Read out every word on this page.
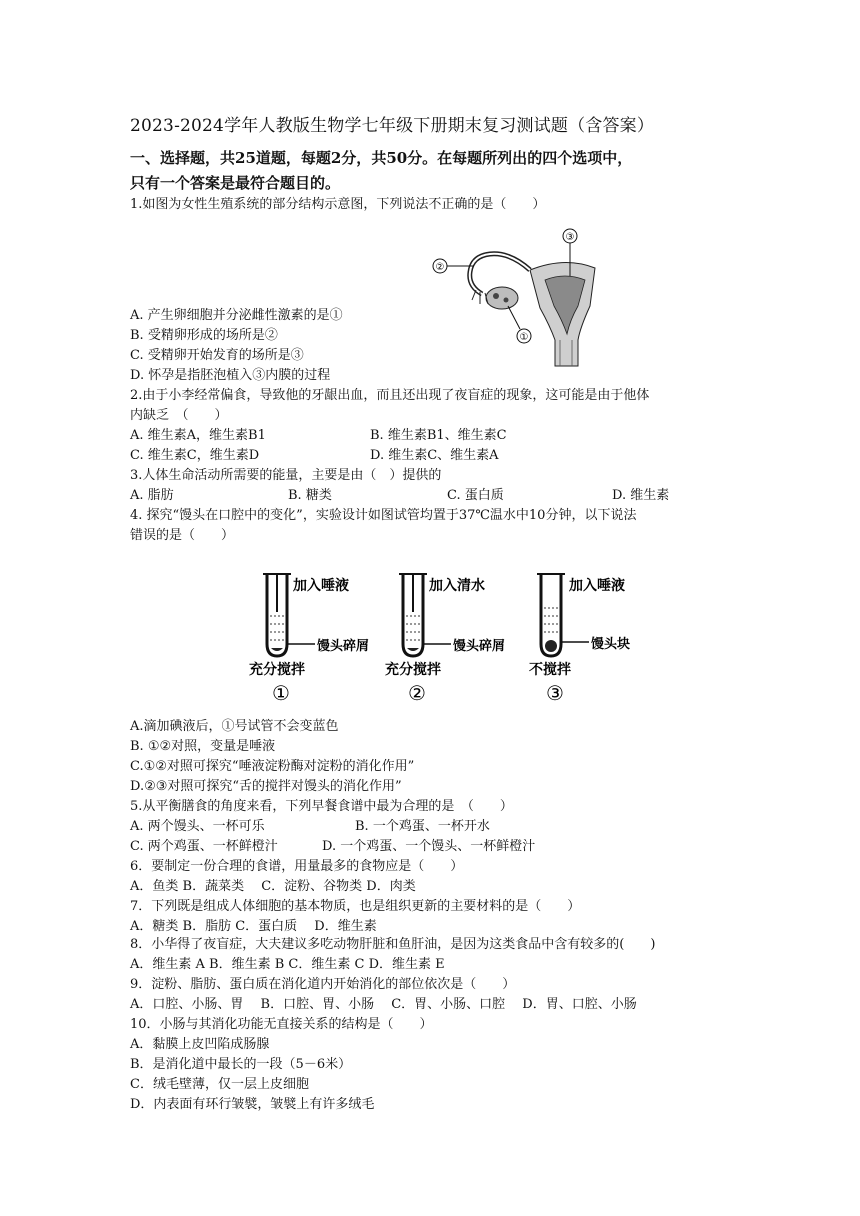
2023-2024学年人教版生物学七年级下册期末复习测试题（含答案）
一、选择题，共25道题，每题2分，共50分。在每题所列出的四个选项中，
只有一个答案是最符合题目的。
1.如图为女性生殖系统的部分结构示意图，下列说法不正确的是（　　）
②
③
①
A. 产生卵细胞并分泌雌性激素的是①
B. 受精卵形成的场所是②
C. 受精卵开始发育的场所是③
D. 怀孕是指胚泡植入③内膜的过程
2.由于小李经常偏食，导致他的牙龈出血，而且还出现了夜盲症的现象，这可能是由于他体
内缺乏　（　　）
A. 维生素A，维生素B1	B. 维生素B1、维生素C
C. 维生素C，维生素D	D. 维生素C、维生素A
3.人体生命活动所需要的能量，主要是由（　）提供的
A. 脂肪	B. 糖类	C. 蛋白质	D. 维生素
4. 探究“馒头在口腔中的变化”，实验设计如图试管均置于37℃温水中10分钟，以下说法
错误的是（　　）
加入唾液
馒头碎屑
充分搅拌
①
加入清水
馒头碎屑
充分搅拌
②
加入唾液
馒头块
不搅拌
③
A.滴加碘液后，①号试管不会变蓝色
B. ①②对照，变量是唾液
C.①②对照可探究“唾液淀粉酶对淀粉的消化作用”
D.②③对照可探究“舌的搅拌对馒头的消化作用”
5.从平衡膳食的角度来看，下列早餐食谱中最为合理的是　（　　）
A. 两个馒头、一杯可乐	B. 一个鸡蛋、一杯开水
C. 两个鸡蛋、一杯鲜橙汁	D. 一个鸡蛋、一个馒头、一杯鲜橙汁
6．要制定一份合理的食谱，用量最多的食物应是（　　）
A．鱼类 B．蔬菜类　 C．淀粉、谷物类 D．肉类
7．下列既是组成人体细胞的基本物质，也是组织更新的主要材料的是（　　）
A．糖类 B．脂肪 C．蛋白质　 D．维生素
8．小华得了夜盲症，大夫建议多吃动物肝脏和鱼肝油，是因为这类食品中含有较多的(　　)
A．维生素 A B．维生素 B C．维生素 C D．维生素 E
9．淀粉、脂肪、蛋白质在消化道内开始消化的部位依次是（　　）
A．口腔、小肠、胃　 B．口腔、胃、小肠　 C．胃、小肠、口腔　 D．胃、口腔、小肠
10．小肠与其消化功能无直接关系的结构是（　　）
A．黏膜上皮凹陷成肠腺
B．是消化道中最长的一段（5－6米）
C．绒毛壁薄，仅一层上皮细胞
D．内表面有环行皱襞，皱襞上有许多绒毛
